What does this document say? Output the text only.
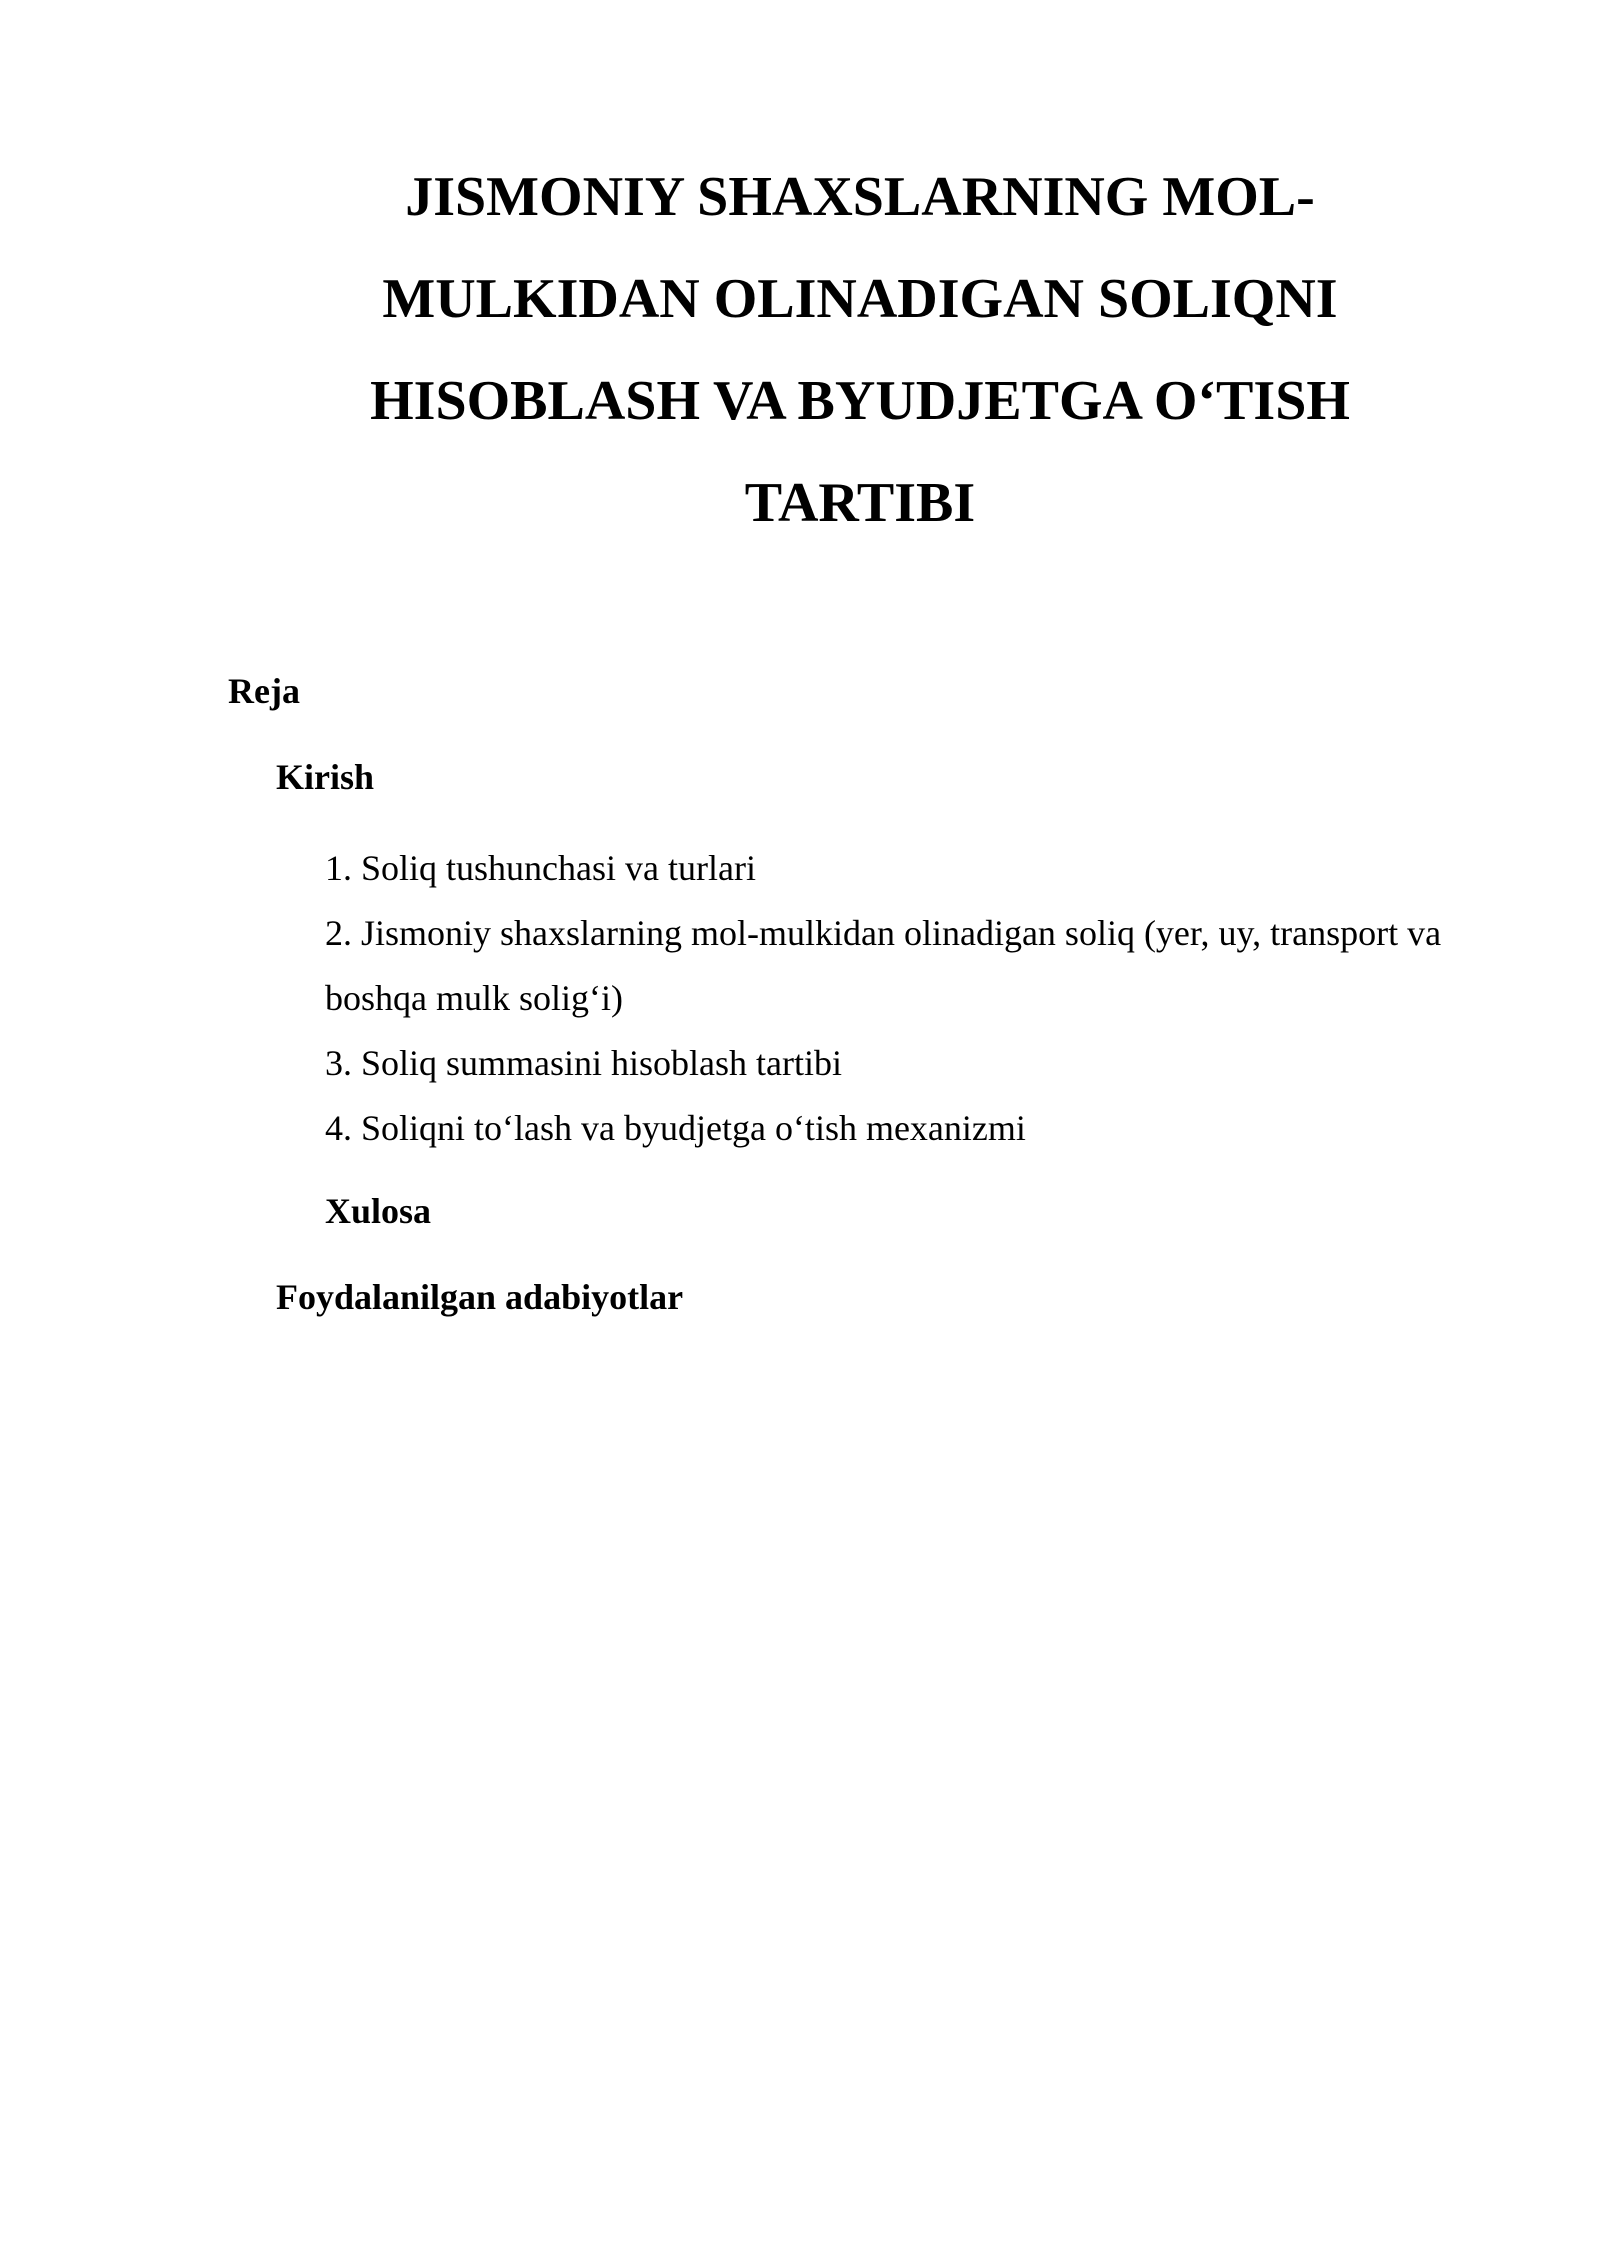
JISMONIY SHAXSLARNING MOL-
MULKIDAN OLINADIGAN SOLIQNI
HISOBLASH VA BYUDJETGA O‘TISH
TARTIBI

Reja

Kirish

1. Soliq tushunchasi va turlari
2. Jismoniy shaxslarning mol-mulkidan olinadigan soliq (yer, uy, transport va boshqa mulk solig‘i)
3. Soliq summasini hisoblash tartibi
4. Soliqni to‘lash va byudjetga o‘tish mexanizmi

Xulosa

Foydalanilgan adabiyotlar
